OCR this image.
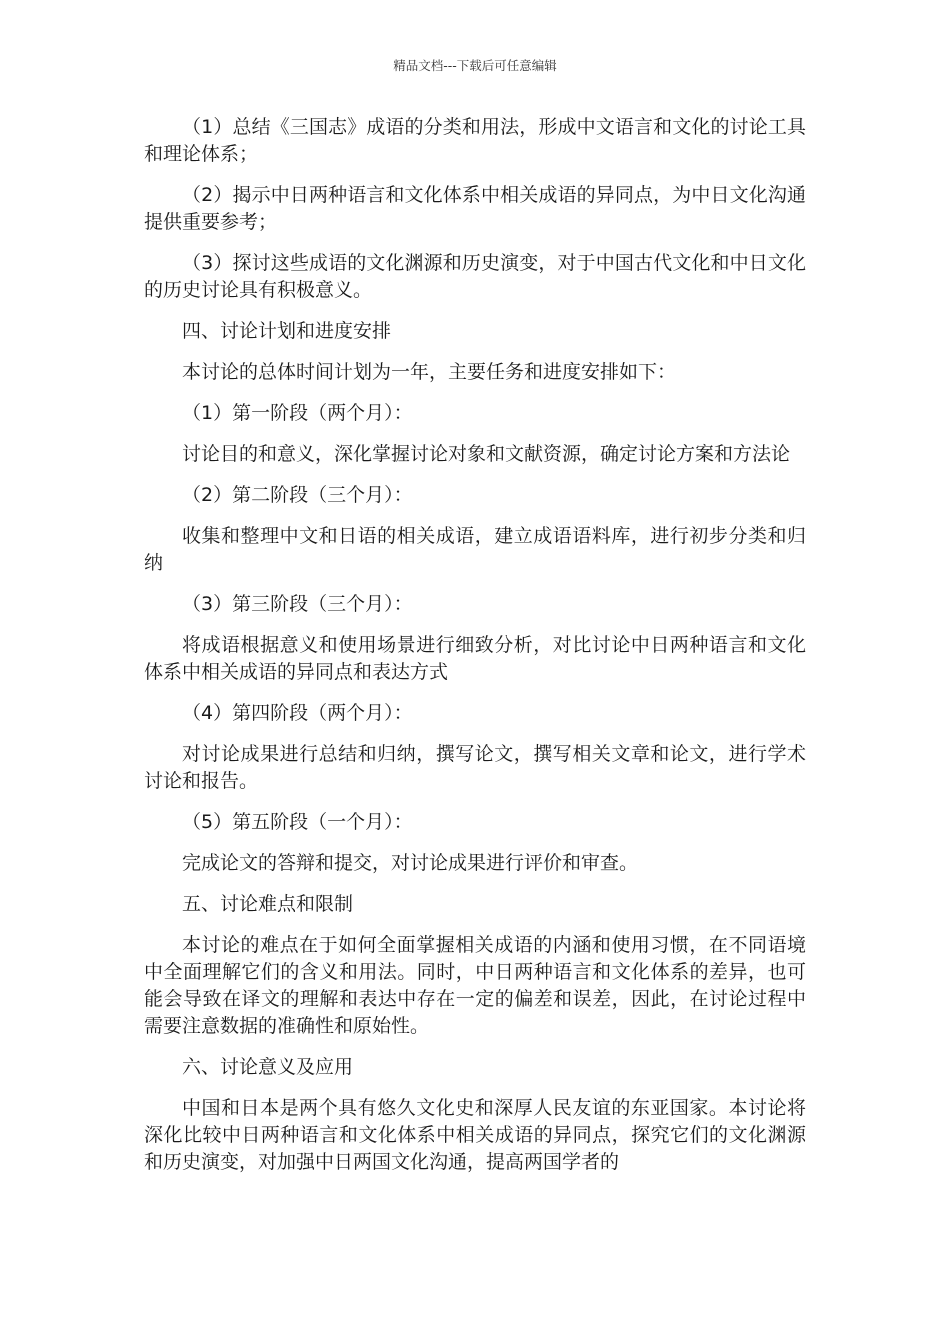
精品文档---下载后可任意编辑

（1）总结《三国志》成语的分类和用法，形成中文语言和文化的讨论工具和理论体系；

（2）揭示中日两种语言和文化体系中相关成语的异同点，为中日文化沟通提供重要参考；

（3）探讨这些成语的文化渊源和历史演变，对于中国古代文化和中日文化的历史讨论具有积极意义。

四、讨论计划和进度安排

本讨论的总体时间计划为一年，主要任务和进度安排如下：

（1）第一阶段（两个月）：

讨论目的和意义，深化掌握讨论对象和文献资源，确定讨论方案和方法论

（2）第二阶段（三个月）：

收集和整理中文和日语的相关成语，建立成语语料库，进行初步分类和归纳

（3）第三阶段（三个月）：

将成语根据意义和使用场景进行细致分析，对比讨论中日两种语言和文化体系中相关成语的异同点和表达方式

（4）第四阶段（两个月）：

对讨论成果进行总结和归纳，撰写论文，撰写相关文章和论文，进行学术讨论和报告。

（5）第五阶段（一个月）：

完成论文的答辩和提交，对讨论成果进行评价和审查。

五、讨论难点和限制

本讨论的难点在于如何全面掌握相关成语的内涵和使用习惯，在不同语境中全面理解它们的含义和用法。同时，中日两种语言和文化体系的差异，也可能会导致在译文的理解和表达中存在一定的偏差和误差，因此，在讨论过程中需要注意数据的准确性和原始性。

六、讨论意义及应用

中国和日本是两个具有悠久文化史和深厚人民友谊的东亚国家。本讨论将深化比较中日两种语言和文化体系中相关成语的异同点，探究它们的文化渊源和历史演变，对加强中日两国文化沟通，提高两国学者的
